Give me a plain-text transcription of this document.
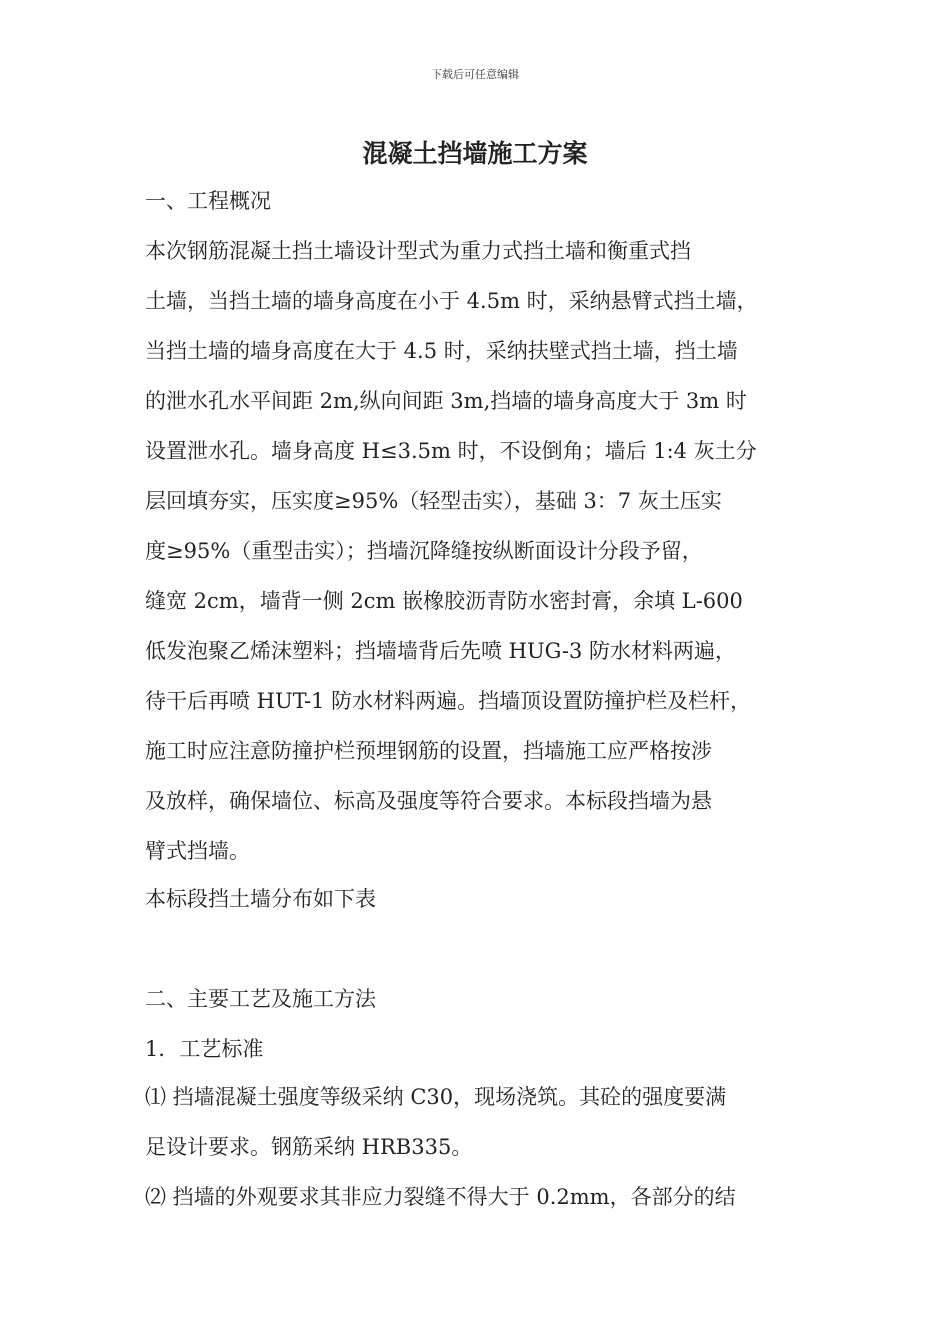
下载后可任意编辑
混凝土挡墙施工方案
一、工程概况
本次钢筋混凝土挡土墙设计型式为重力式挡土墙和衡重式挡
土墙，当挡土墙的墙身高度在小于 4.5m 时，采纳悬臂式挡土墙，
当挡土墙的墙身高度在大于 4.5 时，采纳扶壁式挡土墙，挡土墙
的泄水孔水平间距 2m,纵向间距 3m,挡墙的墙身高度大于 3m 时
设置泄水孔。墙身高度 H≤3.5m 时，不设倒角；墙后 1:4 灰土分
层回填夯实，压实度≥95%（轻型击实），基础 3：7 灰土压实
度≥95%（重型击实）；挡墙沉降缝按纵断面设计分段予留，
缝宽 2cm，墙背一侧 2cm 嵌橡胶沥青防水密封膏，余填 L-600
低发泡聚乙烯沫塑料；挡墙墙背后先喷 HUG-3 防水材料两遍，
待干后再喷 HUT-1 防水材料两遍。挡墙顶设置防撞护栏及栏杆，
施工时应注意防撞护栏预埋钢筋的设置，挡墙施工应严格按涉
及放样，确保墙位、标高及强度等符合要求。本标段挡墙为悬
臂式挡墙。
本标段挡土墙分布如下表
二、主要工艺及施工方法
1．工艺标准
⑴ 挡墙混凝土强度等级采纳 C30，现场浇筑。其砼的强度要满
足设计要求。钢筋采纳 HRB335。
⑵ 挡墙的外观要求其非应力裂缝不得大于 0.2mm，各部分的结
